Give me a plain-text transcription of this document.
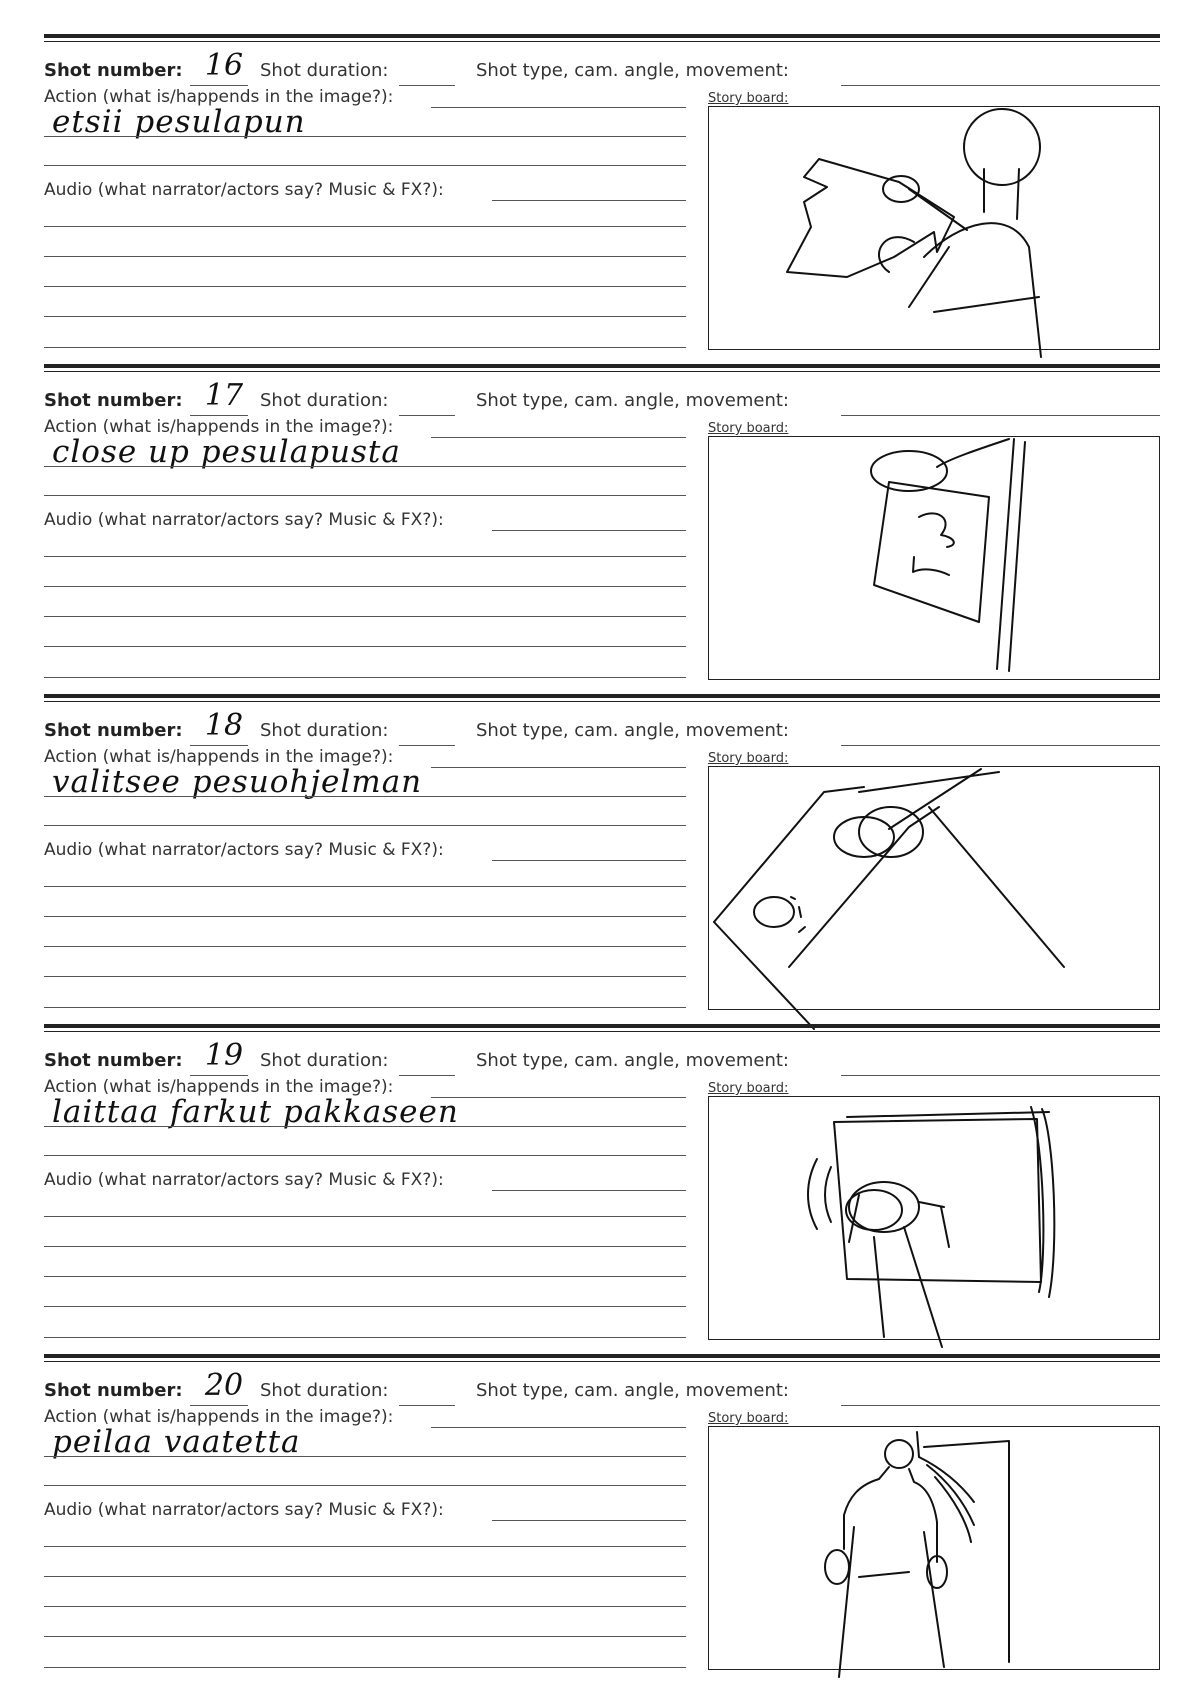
Shot number: 16 Shot duration:	Shot type, cam. angle, movement:
Action (what is/happends in the image?):
etsii pesulapun
Audio (what narrator/actors say? Music & FX?):
Story board:
Shot number: 17 Shot duration:	Shot type, cam. angle, movement:
Action (what is/happends in the image?):
close up pesulapusta
Audio (what narrator/actors say? Music & FX?):
Story board:
Shot number: 18 Shot duration:	Shot type, cam. angle, movement:
Action (what is/happends in the image?):
valitsee pesuohjelman
Audio (what narrator/actors say? Music & FX?):
Story board:
Shot number: 19 Shot duration:	Shot type, cam. angle, movement:
Action (what is/happends in the image?):
laittaa farkut pakkaseen
Audio (what narrator/actors say? Music & FX?):
Story board:
Shot number: 20 Shot duration:	Shot type, cam. angle, movement:
Action (what is/happends in the image?):
peilaa vaatetta
Audio (what narrator/actors say? Music & FX?):
Story board:
